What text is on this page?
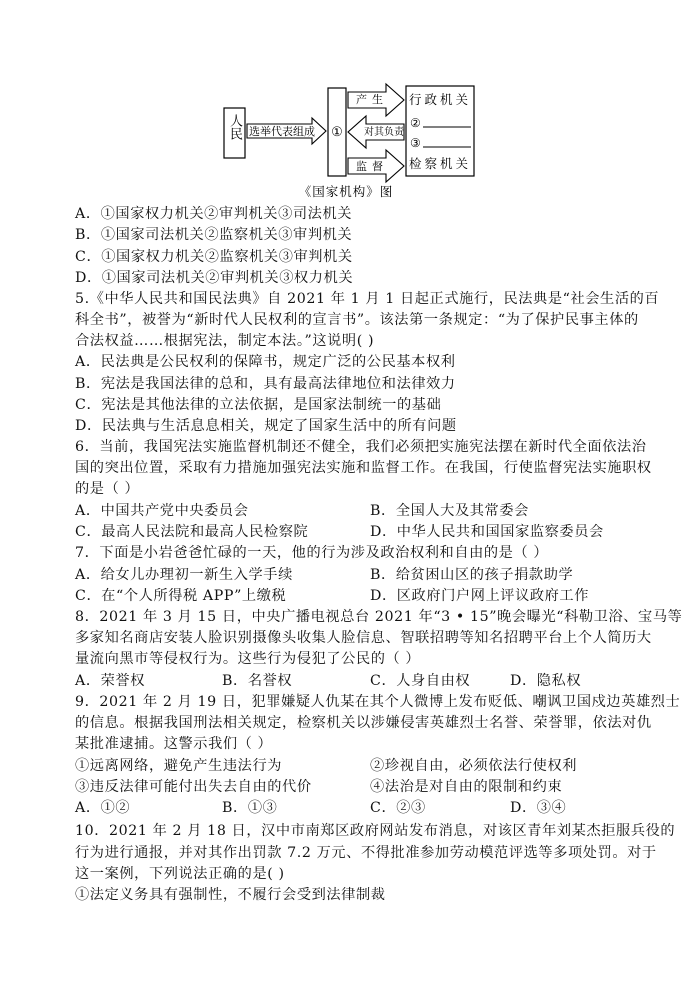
人民 选举代表组成 ①
产生
对其负责
监督
行政机关
②
③
检察机关
《国家机构》图
A．①国家权力机关②审判机关③司法机关
B．①国家司法机关②监察机关③审判机关
C．①国家权力机关②监察机关③审判机关
D．①国家司法机关②审判机关③权力机关
5.《中华人民共和国民法典》自 2021 年 1 月 1 日起正式施行，民法典是“社会生活的百
科全书”，被誉为“新时代人民权利的宣言书”。该法第一条规定：“为了保护民事主体的
合法权益……根据宪法，制定本法。”这说明( )
A．民法典是公民权利的保障书，规定广泛的公民基本权利
B．宪法是我国法律的总和，具有最高法律地位和法律效力
C．宪法是其他法律的立法依据，是国家法制统一的基础
D．民法典与生活息息相关，规定了国家生活中的所有问题
6．当前，我国宪法实施监督机制还不健全，我们必须把实施宪法摆在新时代全面依法治
国的突出位置，采取有力措施加强宪法实施和监督工作。在我国，行使监督宪法实施职权
的是（ ）
A．中国共产党中央委员会	B．全国人大及其常委会
C．最高人民法院和最高人民检察院	D．中华人民共和国国家监察委员会
7．下面是小岩爸爸忙碌的一天，他的行为涉及政治权利和自由的是（ ）
A．给女儿办理初一新生入学手续	B．给贫困山区的孩子捐款助学
C．在“个人所得税 APP”上缴税	D．区政府门户网上评议政府工作
8．2021 年 3 月 15 日，中央广播电视总台 2021 年“3 • 15”晚会曝光“科勒卫浴、宝马等
多家知名商店安装人脸识别摄像头收集人脸信息、智联招聘等知名招聘平台上个人简历大
量流向黑市等侵权行为。这些行为侵犯了公民的（ ）
A．荣誉权	B．名誉权	C．人身自由权	D．隐私权
9．2021 年 2 月 19 日，犯罪嫌疑人仇某在其个人微博上发布贬低、嘲讽卫国戍边英雄烈士
的信息。根据我国刑法相关规定，检察机关以涉嫌侵害英雄烈士名誉、荣誉罪，依法对仇
某批准逮捕。这警示我们（ ）
①远离网络，避免产生违法行为	②珍视自由，必须依法行使权利
③违反法律可能付出失去自由的代价	④法治是对自由的限制和约束
A．①②	B．①③	C．②③	D．③④
10．2021 年 2 月 18 日，汉中市南郑区政府网站发布消息，对该区青年刘某杰拒服兵役的
行为进行通报，并对其作出罚款 7.2 万元、不得批准参加劳动模范评选等多项处罚。对于
这一案例，下列说法正确的是( )
①法定义务具有强制性，不履行会受到法律制裁
